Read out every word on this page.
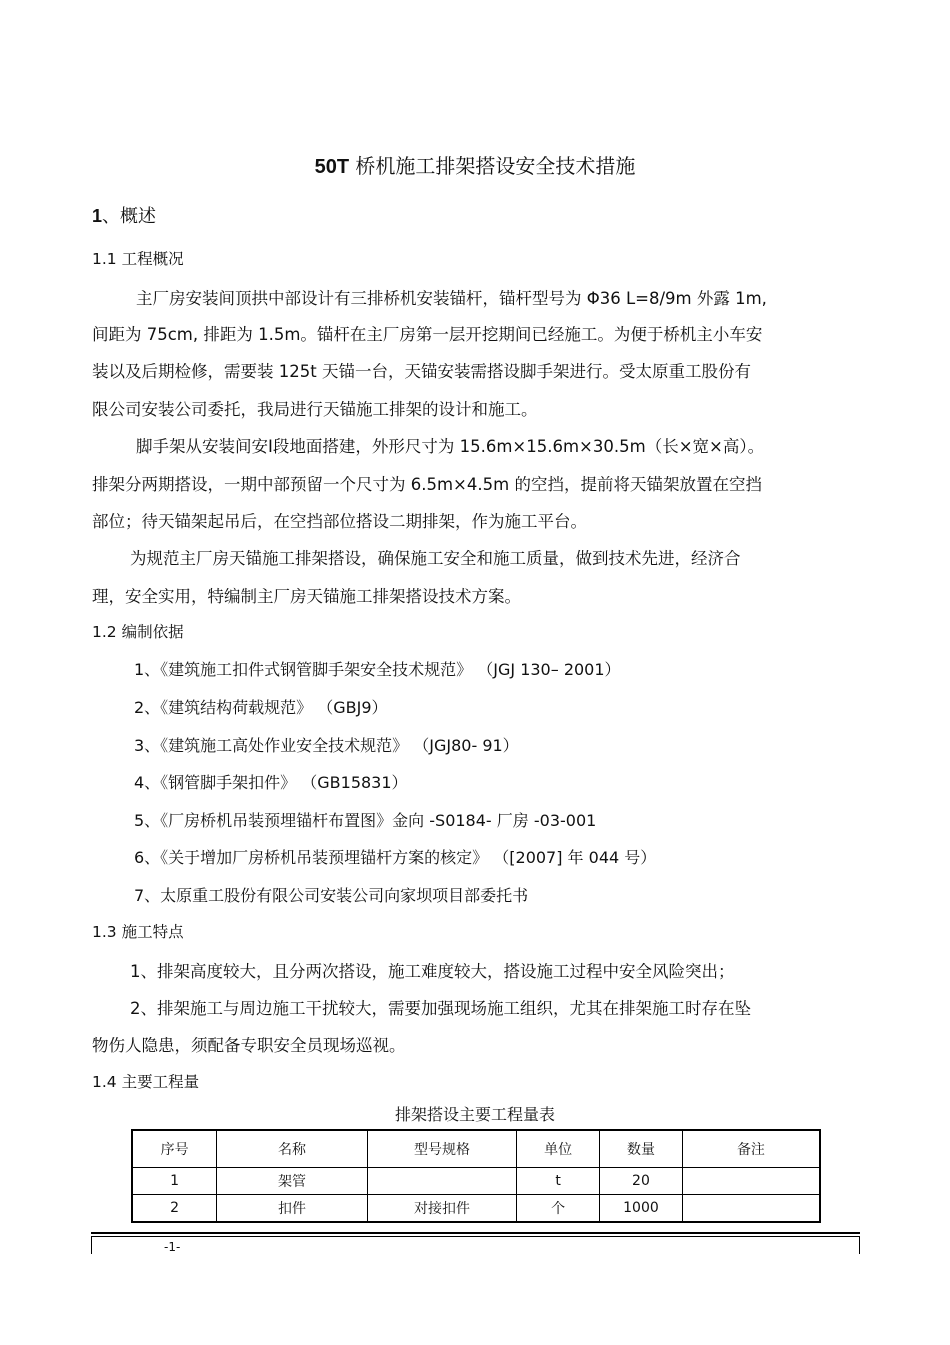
50T 桥机施工排架搭设安全技术措施
1、概述
1.1 工程概况
主厂房安装间顶拱中部设计有三排桥机安装锚杆，锚杆型号为 Φ36 L=8/9m 外露 1m,
间距为 75cm, 排距为 1.5m。锚杆在主厂房第一层开挖期间已经施工。为便于桥机主小车安
装以及后期检修，需要装 125t 天锚一台，天锚安装需搭设脚手架进行。受太原重工股份有
限公司安装公司委托，我局进行天锚施工排架的设计和施工。
脚手架从安装间安Ⅰ段地面搭建，外形尺寸为 15.6m×15.6m×30.5m（长×宽×高）。
排架分两期搭设，一期中部预留一个尺寸为 6.5m×4.5m 的空挡，提前将天锚架放置在空挡
部位；待天锚架起吊后，在空挡部位搭设二期排架，作为施工平台。
为规范主厂房天锚施工排架搭设，确保施工安全和施工质量，做到技术先进，经济合
理，安全实用，特编制主厂房天锚施工排架搭设技术方案。
1.2 编制依据
1、《建筑施工扣件式钢管脚手架安全技术规范》 （JGJ 130– 2001）
2、《建筑结构荷载规范》 （GBJ9）
3、《建筑施工高处作业安全技术规范》 （JGJ80- 91）
4、《钢管脚手架扣件》 （GB15831）
5、《厂房桥机吊装预埋锚杆布置图》金向 -S0184- 厂房 -03-001
6、《关于增加厂房桥机吊装预埋锚杆方案的核定》 （[2007] 年 044 号）
7、太原重工股份有限公司安装公司向家坝项目部委托书
1.3 施工特点
1、排架高度较大，且分两次搭设，施工难度较大，搭设施工过程中安全风险突出；
2、排架施工与周边施工干扰较大，需要加强现场施工组织，尤其在排架施工时存在坠
物伤人隐患，须配备专职安全员现场巡视。
1.4 主要工程量
排架搭设主要工程量表
序号	名称	型号规格	单位	数量	备注
1	架管		t	20	
2	扣件	对接扣件	个	1000	
-1-
